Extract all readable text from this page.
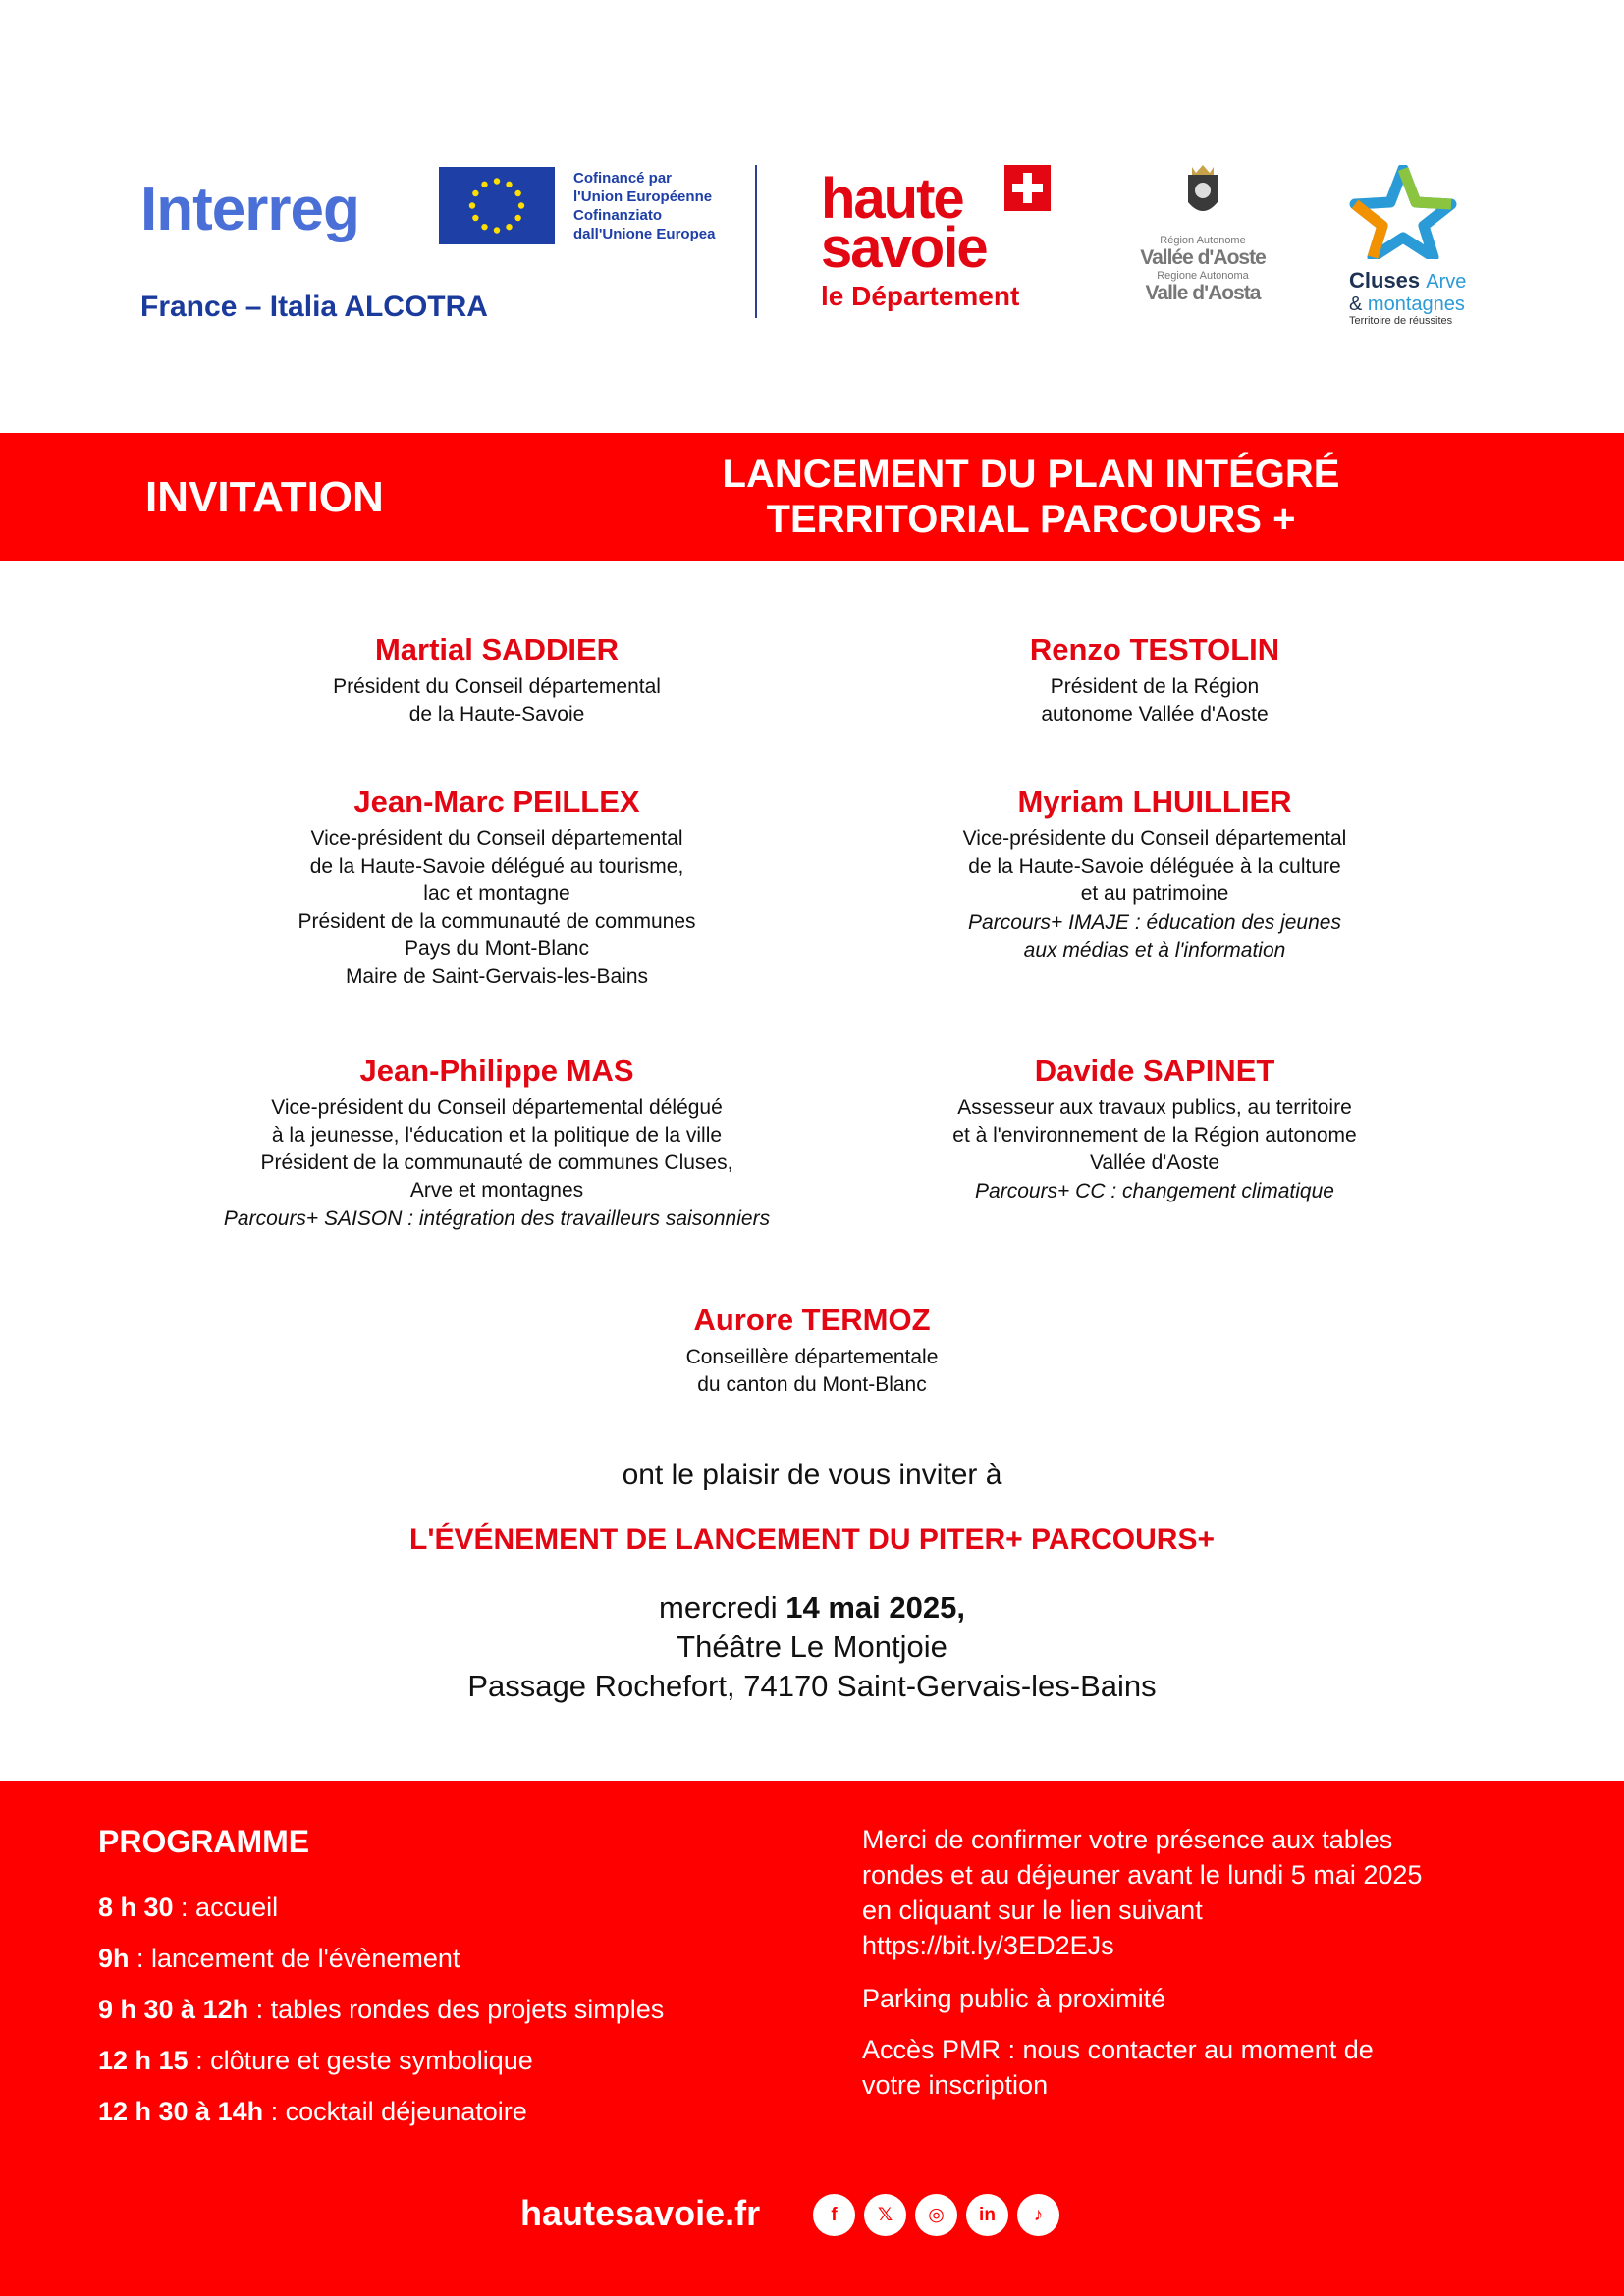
Interreg
France – Italia ALCOTRA
Cofinancé par
l'Union Européenne
Cofinanziato
dall'Unione Europea
haute
savoie
le Département
Région Autonome
Vallée d'Aoste
Regione Autonoma
Valle d'Aosta
Cluses Arve
& montagnes
Territoire de réussites
INVITATION	LANCEMENT DU PLAN INTÉGRÉ
TERRITORIAL PARCOURS +
Martial SADDIER
Président du Conseil départemental
de la Haute-Savoie
Renzo TESTOLIN
Président de la Région
autonome Vallée d'Aoste
Jean-Marc PEILLEX
Vice-président du Conseil départemental
de la Haute-Savoie délégué au tourisme,
lac et montagne
Président de la communauté de communes
Pays du Mont-Blanc
Maire de Saint-Gervais-les-Bains
Myriam LHUILLIER
Vice-présidente du Conseil départemental
de la Haute-Savoie déléguée à la culture
et au patrimoine
Parcours+ IMAJE : éducation des jeunes
aux médias et à l'information
Jean-Philippe MAS
Vice-président du Conseil départemental délégué
à la jeunesse, l'éducation et la politique de la ville
Président de la communauté de communes Cluses,
Arve et montagnes
Parcours+ SAISON : intégration des travailleurs saisonniers
Davide SAPINET
Assesseur aux travaux publics, au territoire
et à l'environnement de la Région autonome
Vallée d'Aoste
Parcours+ CC : changement climatique
Aurore TERMOZ
Conseillère départementale
du canton du Mont-Blanc
ont le plaisir de vous inviter à
L'ÉVÉNEMENT DE LANCEMENT DU PITER+ PARCOURS+
mercredi 14 mai 2025,
Théâtre Le Montjoie
Passage Rochefort, 74170 Saint-Gervais-les-Bains
PROGRAMME
8 h 30 : accueil
9h : lancement de l'évènement
9 h 30 à 12h : tables rondes des projets simples
12 h 15 : clôture et geste symbolique
12 h 30 à 14h : cocktail déjeunatoire
Merci de confirmer votre présence aux tables
rondes et au déjeuner avant le lundi 5 mai 2025
en cliquant sur le lien suivant
https://bit.ly/3ED2EJs
Parking public à proximité
Accès PMR : nous contacter au moment de
votre inscription
hautesavoie.fr	f	𝕏	◎	in	♪
